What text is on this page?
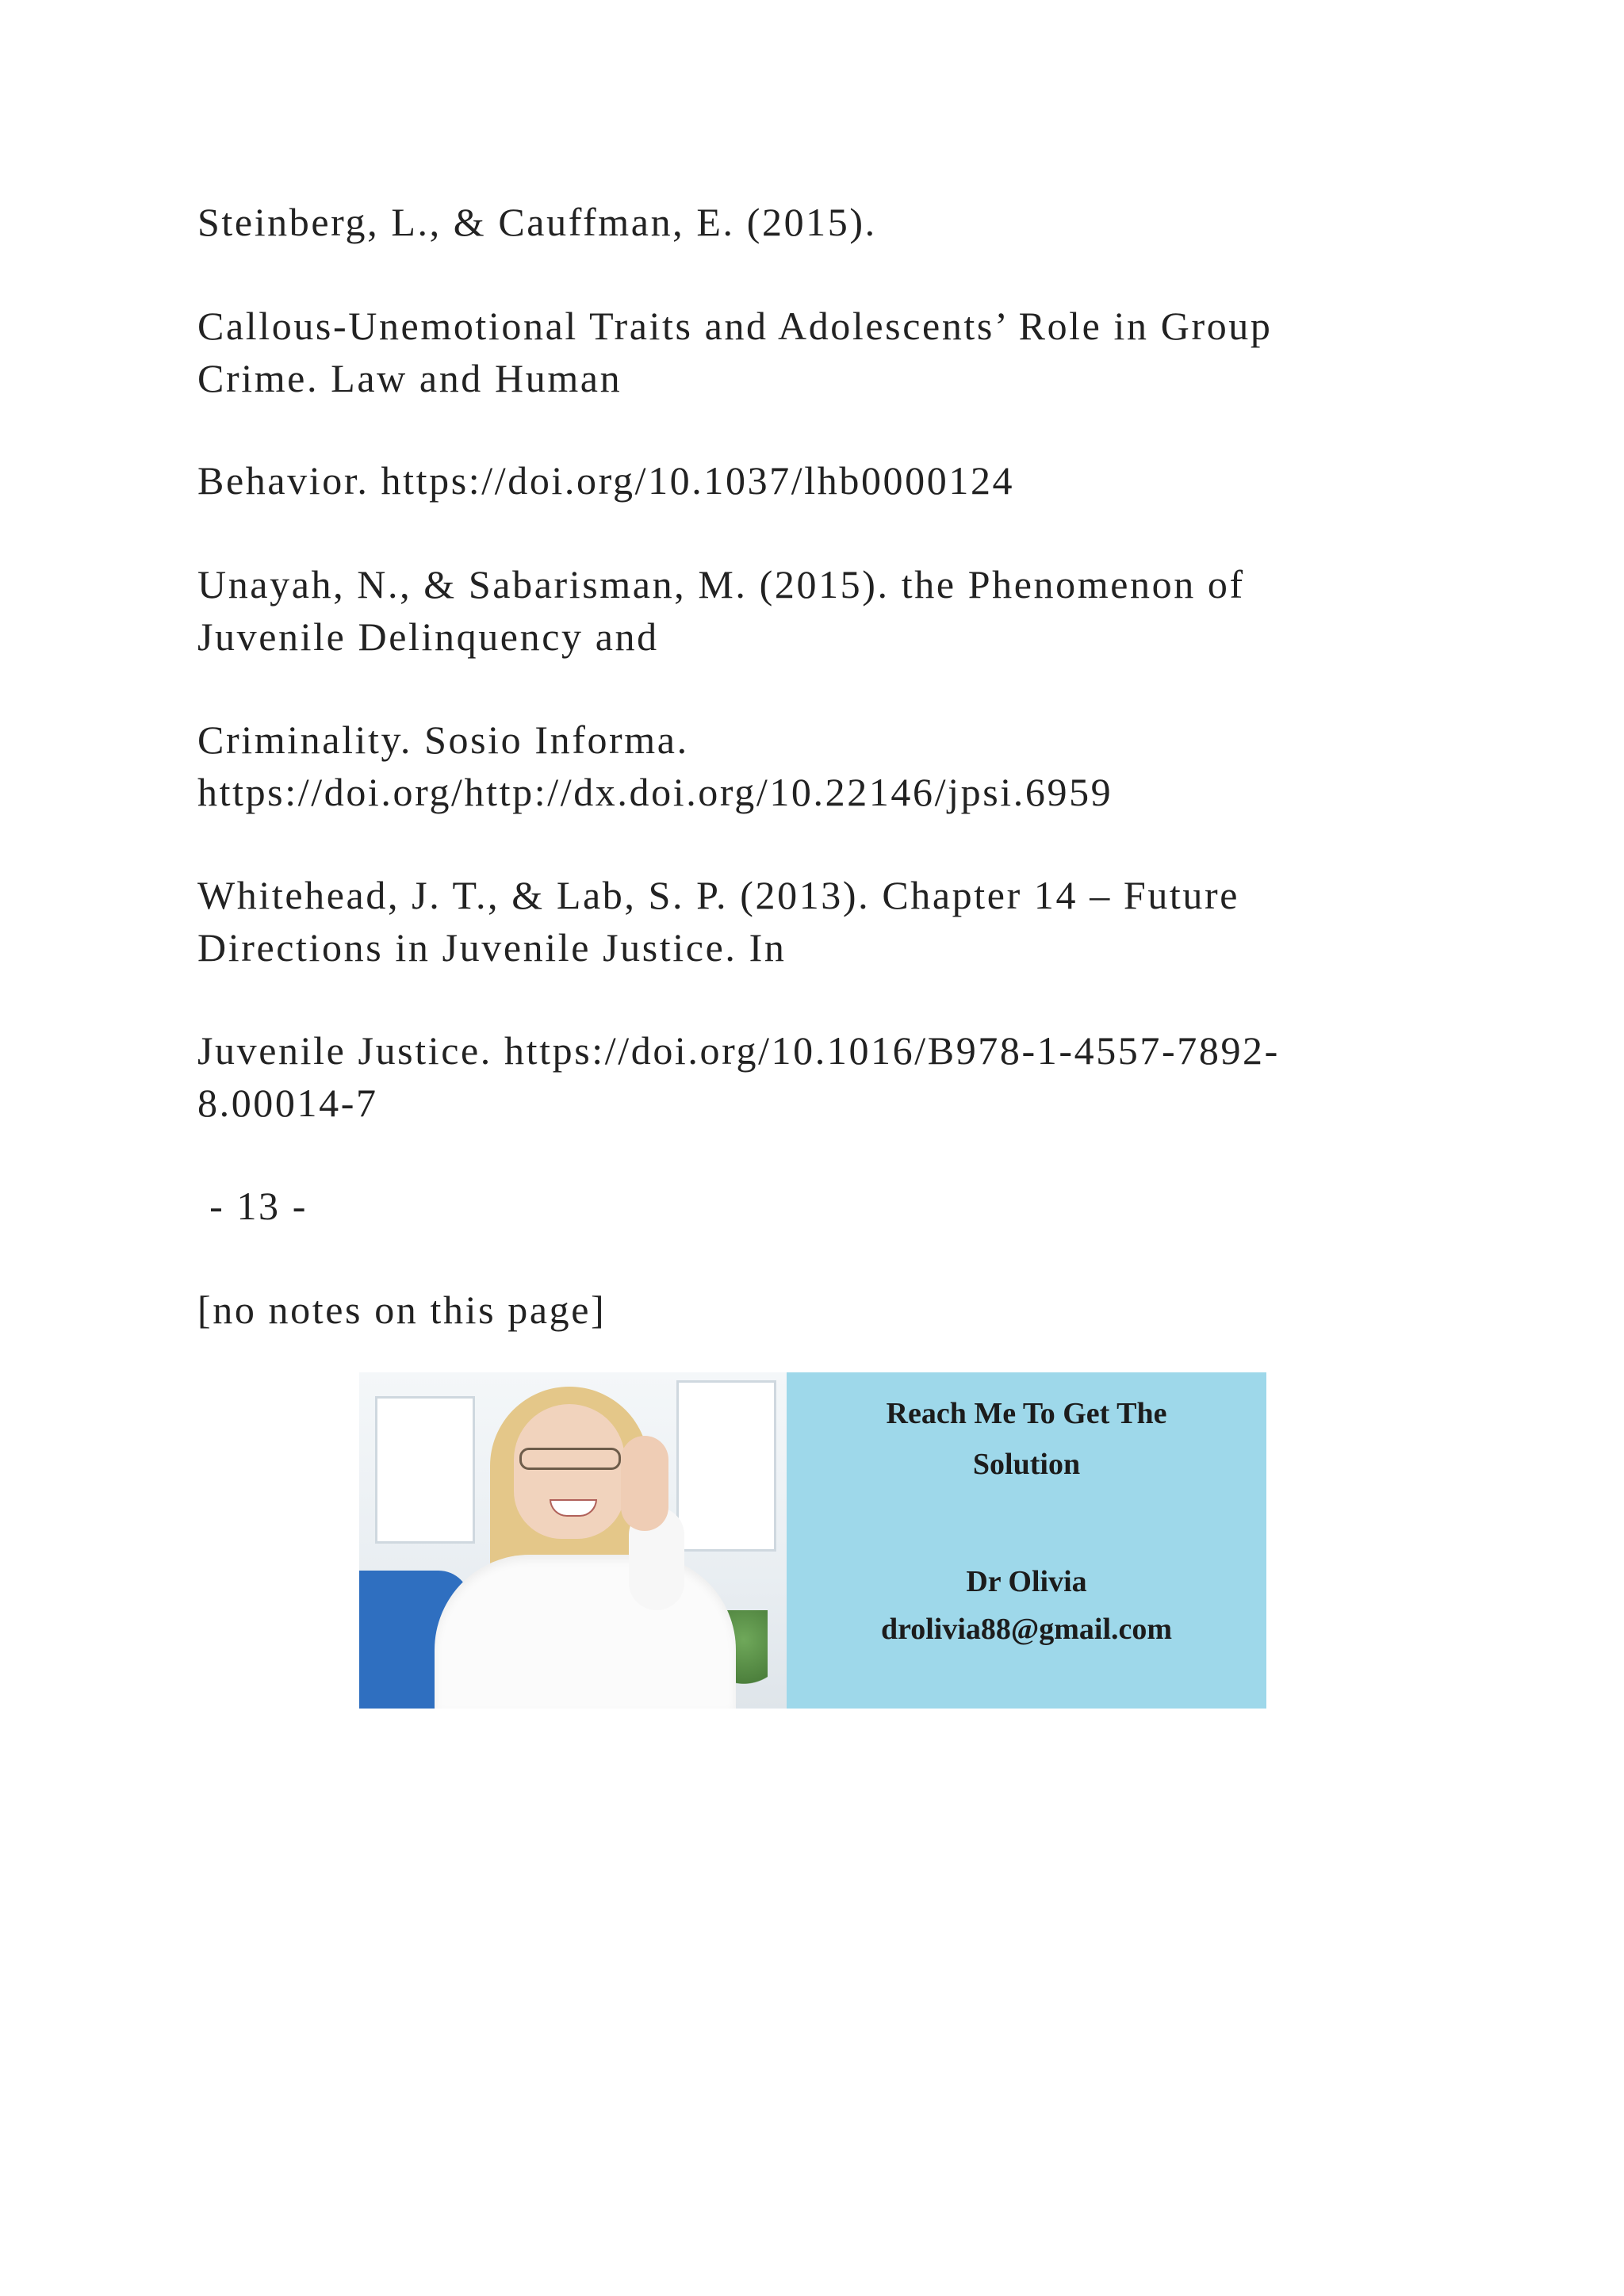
Steinberg, L., & Cauffman, E. (2015).

Callous-Unemotional Traits and Adolescents’ Role in Group
Crime. Law and Human

Behavior. https://doi.org/10.1037/lhb0000124

Unayah, N., & Sabarisman, M. (2015). the Phenomenon of
Juvenile Delinquency and

Criminality. Sosio Informa.
https://doi.org/http://dx.doi.org/10.22146/jpsi.6959

Whitehead, J. T., & Lab, S. P. (2013). Chapter 14 – Future
Directions in Juvenile Justice. In

Juvenile Justice. https://doi.org/10.1016/B978-1-4557-7892-
8.00014-7

- 13 -

[no notes on this page]

Reach Me To Get The

Solution

Dr Olivia

drolivia88@gmail.com
